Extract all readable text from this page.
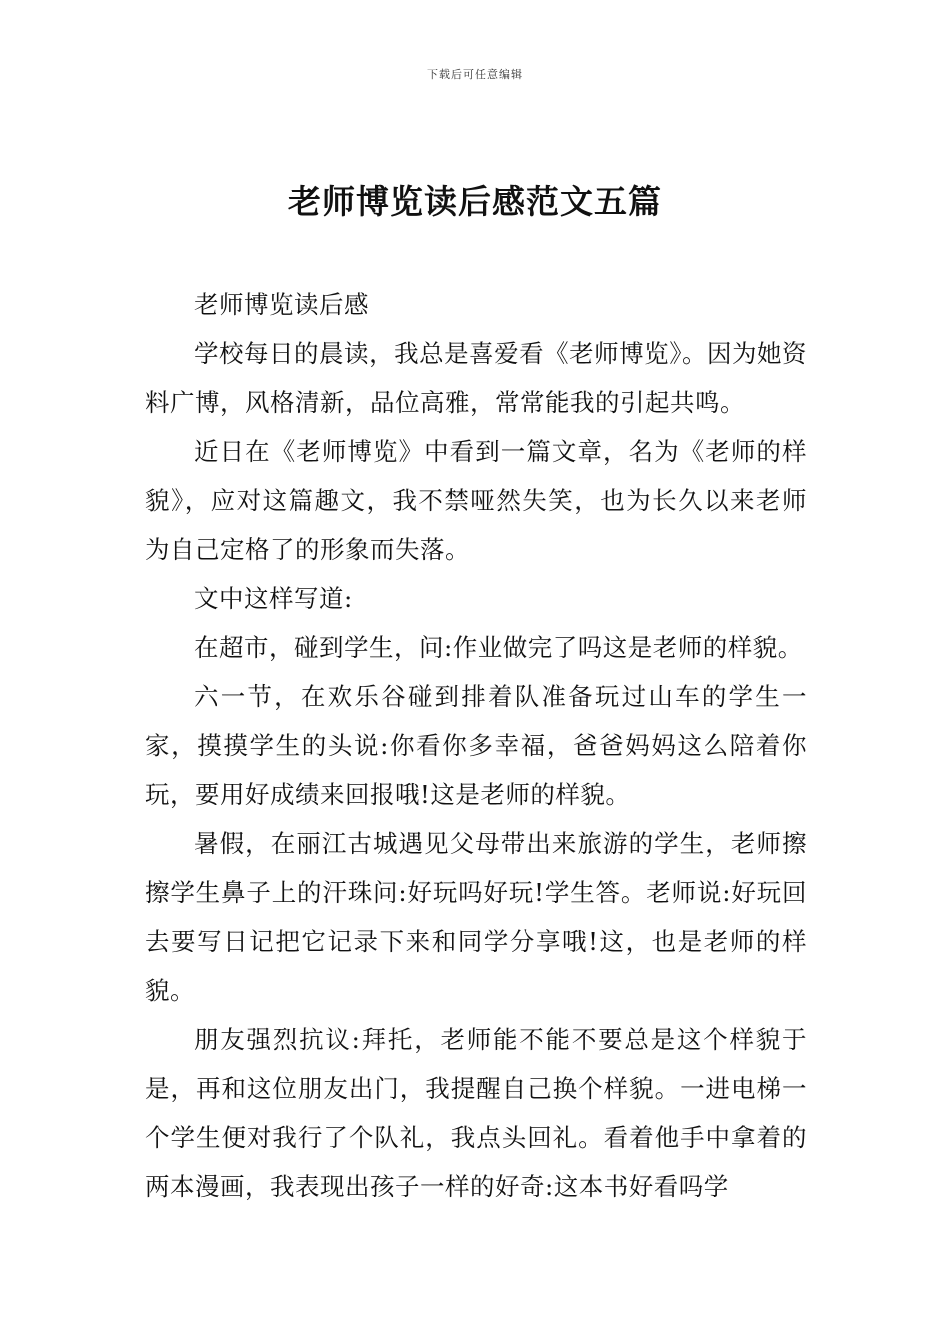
下载后可任意编辑
老师博览读后感范文五篇

老师博览读后感

学校每日的晨读，我总是喜爱看《老师博览》。因为她资料广博，风格清新，品位高雅，常常能我的引起共鸣。

近日在《老师博览》中看到一篇文章，名为《老师的样貌》，应对这篇趣文，我不禁哑然失笑，也为长久以来老师为自己定格了的形象而失落。

文中这样写道:

在超市，碰到学生，问:作业做完了吗这是老师的样貌。

六一节，在欢乐谷碰到排着队准备玩过山车的学生一家，摸摸学生的头说:你看你多幸福，爸爸妈妈这么陪着你玩，要用好成绩来回报哦!这是老师的样貌。

暑假，在丽江古城遇见父母带出来旅游的学生，老师擦擦学生鼻子上的汗珠问:好玩吗好玩!学生答。老师说:好玩回去要写日记把它记录下来和同学分享哦!这，也是老师的样貌。

朋友强烈抗议:拜托，老师能不能不要总是这个样貌于是，再和这位朋友出门，我提醒自己换个样貌。一进电梯一个学生便对我行了个队礼，我点头回礼。看着他手中拿着的两本漫画，我表现出孩子一样的好奇:这本书好看吗学
